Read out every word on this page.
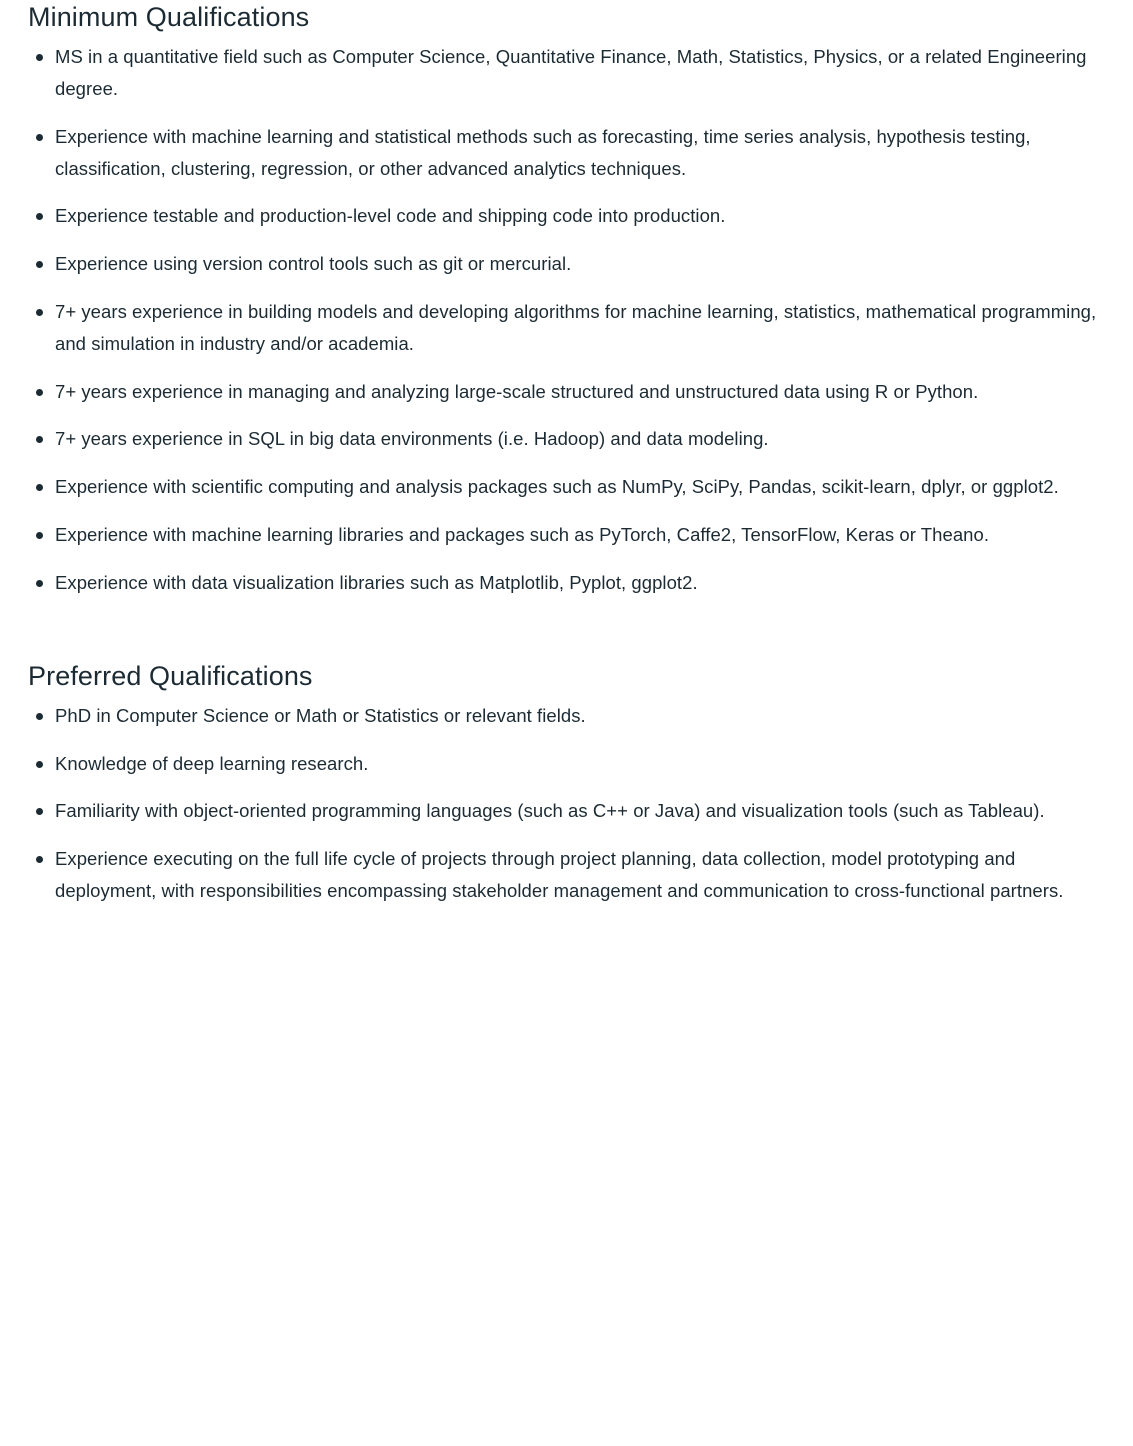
Minimum Qualifications
MS in a quantitative field such as Computer Science, Quantitative Finance, Math, Statistics, Physics, or a related Engineering degree.
Experience with machine learning and statistical methods such as forecasting, time series analysis, hypothesis testing, classification, clustering, regression, or other advanced analytics techniques.
Experience testable and production-level code and shipping code into production.
Experience using version control tools such as git or mercurial.
7+ years experience in building models and developing algorithms for machine learning, statistics, mathematical programming, and simulation in industry and/or academia.
7+ years experience in managing and analyzing large-scale structured and unstructured data using R or Python.
7+ years experience in SQL in big data environments (i.e. Hadoop) and data modeling.
Experience with scientific computing and analysis packages such as NumPy, SciPy, Pandas, scikit-learn, dplyr, or ggplot2.
Experience with machine learning libraries and packages such as PyTorch, Caffe2, TensorFlow, Keras or Theano.
Experience with data visualization libraries such as Matplotlib, Pyplot, ggplot2.
Preferred Qualifications
PhD in Computer Science or Math or Statistics or relevant fields.
Knowledge of deep learning research.
Familiarity with object-oriented programming languages (such as C++ or Java) and visualization tools (such as Tableau).
Experience executing on the full life cycle of projects through project planning, data collection, model prototyping and deployment, with responsibilities encompassing stakeholder management and communication to cross-functional partners.
